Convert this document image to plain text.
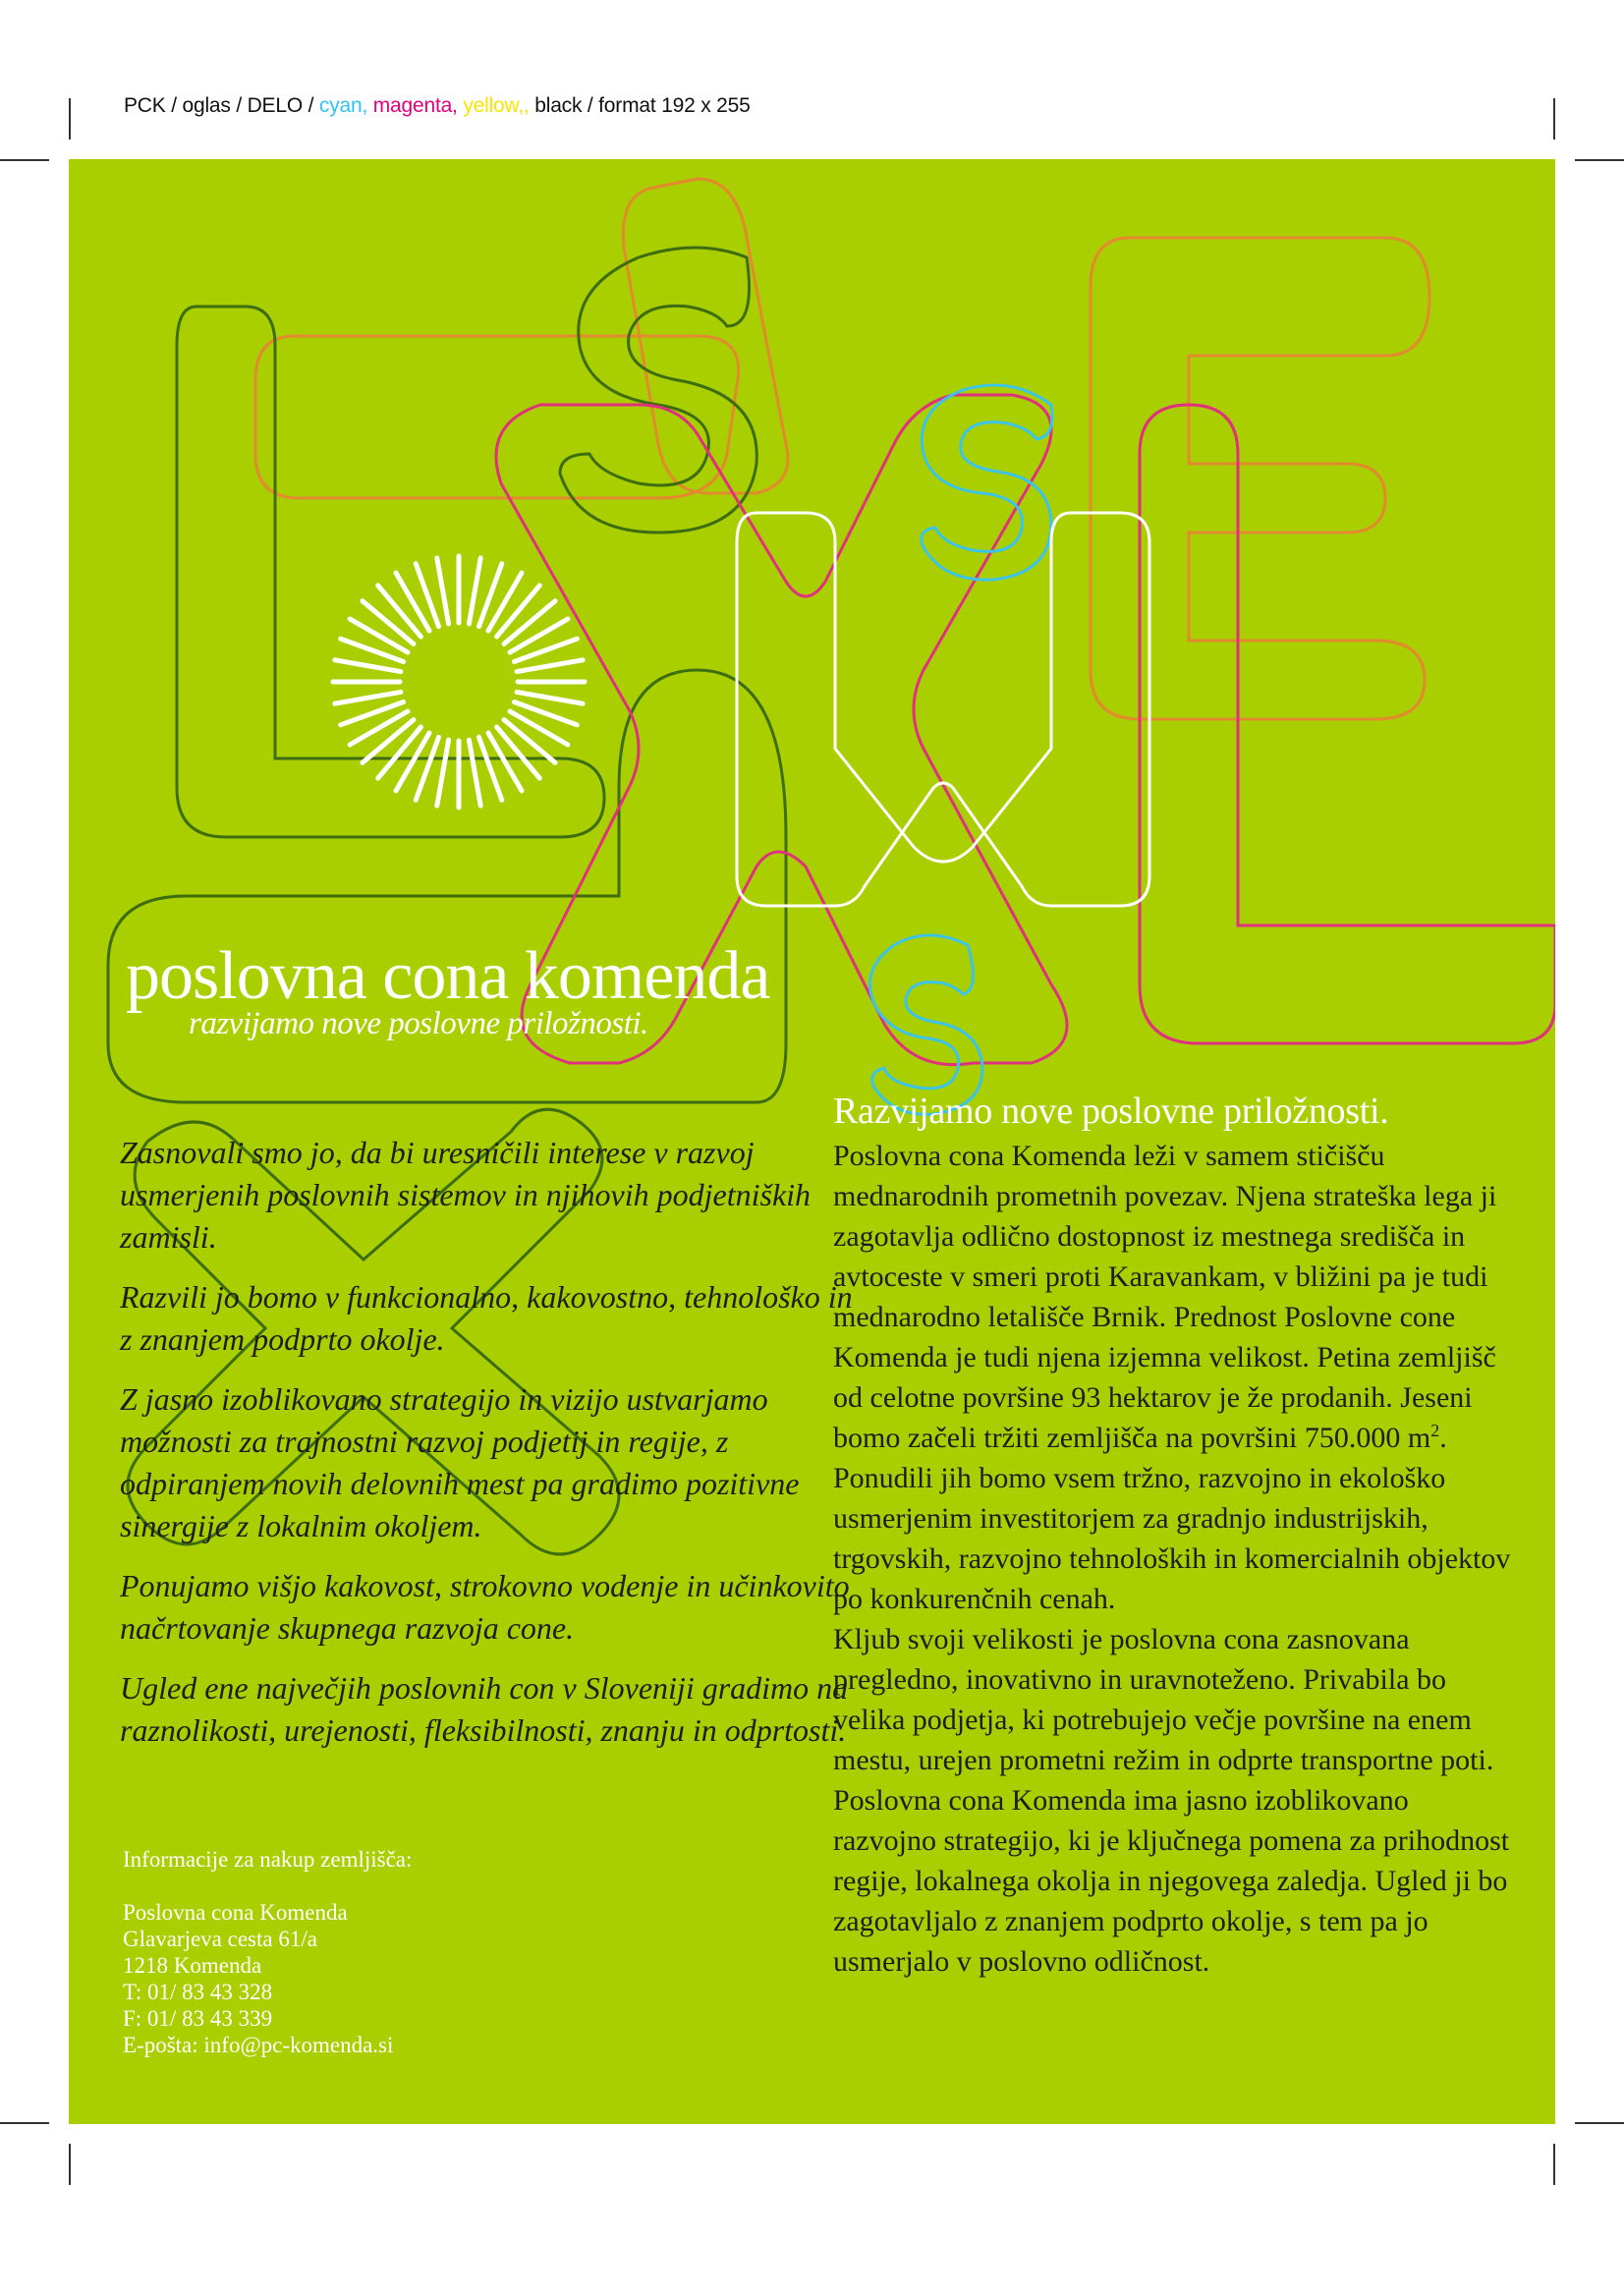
PCK / oglas / DELO / cyan, magenta, yellow,, black / format 192 x 255
poslovna cona komenda
razvijamo nove poslovne priložnosti.

Zasnovali smo jo, da bi uresničili interese v razvoj usmerjenih poslovnih sistemov in njihovih podjetniških zamisli.

Razvili jo bomo v funkcionalno, kakovostno, tehnološko in z znanjem podprto okolje.

Z jasno izoblikovano strategijo in vizijo ustvarjamo možnosti za trajnostni razvoj podjetij in regije, z odpiranjem novih delovnih mest pa gradimo pozitivne sinergije z lokalnim okoljem.

Ponujamo višjo kakovost, strokovno vodenje in učinkovito načrtovanje skupnega razvoja cone.

Ugled ene največjih poslovnih con v Sloveniji gradimo na raznolikosti, urejenosti, fleksibilnosti, znanju in odprtosti.

Informacije za nakup zemljišča:
Poslovna cona Komenda
Glavarjeva cesta 61/a
1218 Komenda
T: 01/ 83 43 328
F: 01/ 83 43 339
E-pošta: info@pc-komenda.si
Razvijamo nove poslovne priložnosti.

Poslovna cona Komenda leži v samem stičišču mednarodnih prometnih povezav. Njena strateška lega ji zagotavlja odlično dostopnost iz mestnega središča in avtoceste v smeri proti Karavankam, v bližini pa je tudi mednarodno letališče Brnik. Prednost Poslovne cone Komenda je tudi njena izjemna velikost. Petina zemljišč od celotne površine 93 hektarov je že prodanih. Jeseni bomo začeli tržiti zemljišča na površini 750.000 $m^2$. Ponudili jih bomo vsem tržno, razvojno in ekološko usmerjenim investitorjem za gradnjo industrijskih, trgovskih, razvojno tehnoloških in komercialnih objektov po konkurenčnih cenah.

Kljub svoji velikosti je poslovna cona zasnovana pregledno, inovativno in uravnoteženo. Privabila bo velika podjetja, ki potrebujejo večje površine na enem mestu, urejen prometni režim in odprte transportne poti.

Poslovna cona Komenda ima jasno izoblikovano razvojno strategijo, ki je ključnega pomena za prihodnost regije, lokalnega okolja in njegovega zaledja. Ugled ji bo zagotavljalo z znanjem podprto okolje, s tem pa jo usmerjalo v poslovno odličnost.
